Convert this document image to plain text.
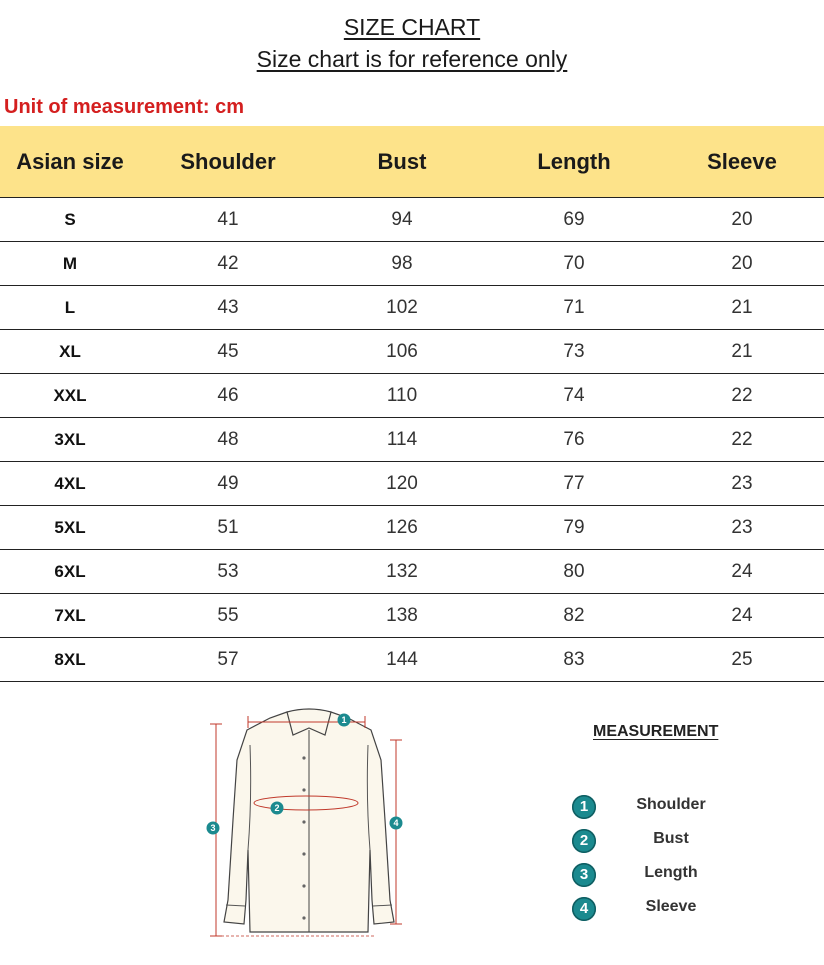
SIZE CHART
Size chart is for reference only
Unit of measurement: cm
Asian size	Shoulder	Bust	Length	Sleeve
S	41	94	69	20
M	42	98	70	20
L	43	102	71	21
XL	45	106	73	21
XXL	46	110	74	22
3XL	48	114	76	22
4XL	49	120	77	23
5XL	51	126	79	23
6XL	53	132	80	24
7XL	55	138	82	24
8XL	57	144	83	25
1
2
3	4
MEASUREMENT
1	Shoulder
2	Bust
3	Length
4	Sleeve
